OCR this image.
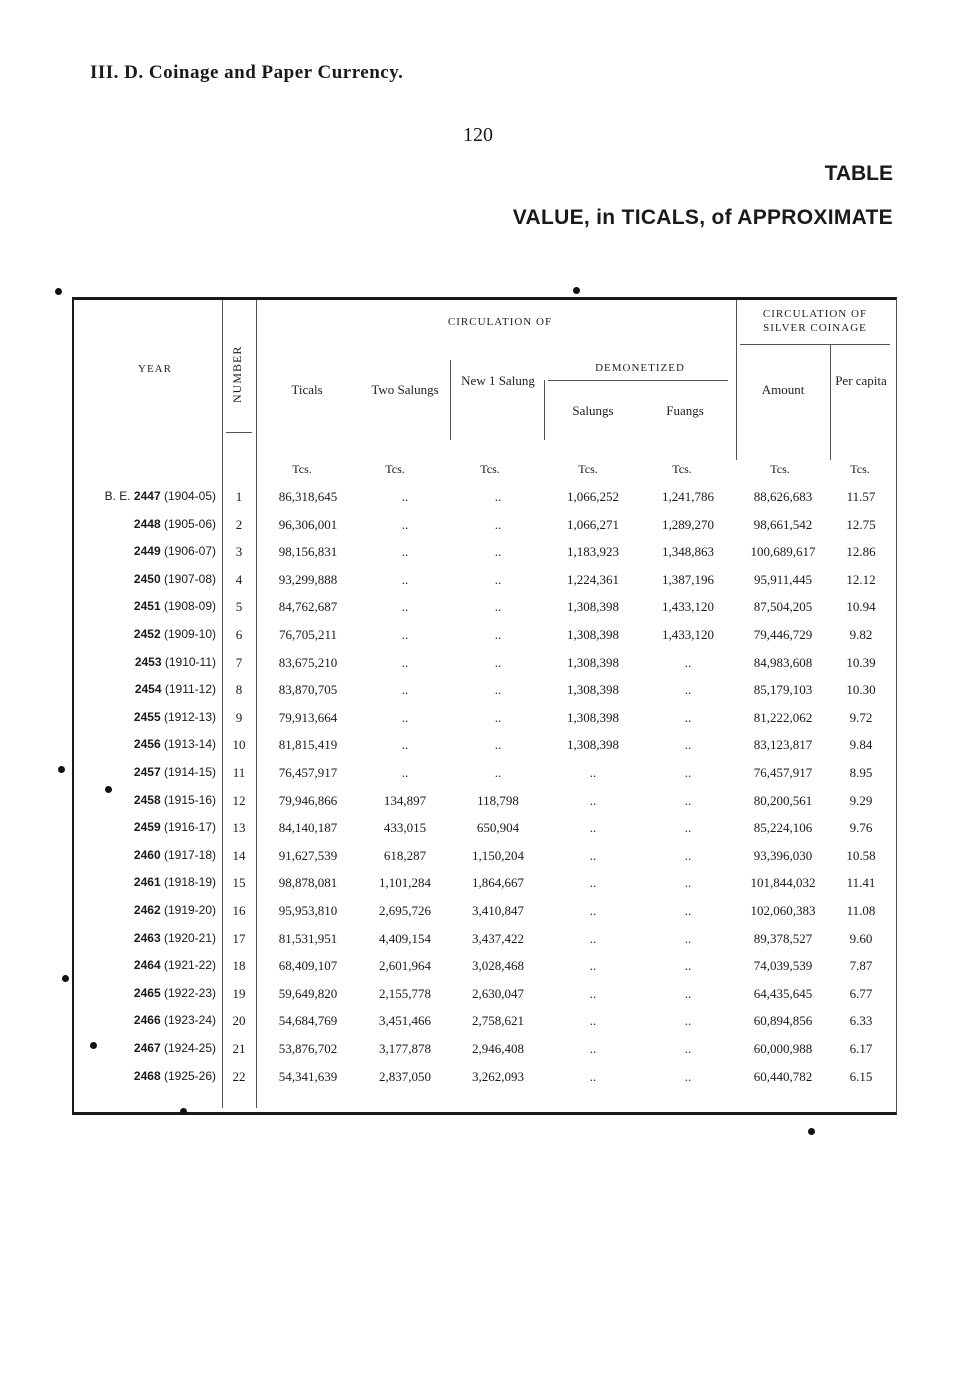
III. D. Coinage and Paper Currency.
120
TABLE
VALUE, in TICALS, of APPROXIMATE
CIRCULATION OF
CIRCULATION OF SILVER COINAGE
YEAR	NUMBER	Ticals	Two Salungs
New 1 Salung
DEMONETIZED
Salungs	Fuangs
Amount
Per capita
Tcs.	Tcs.	Tcs.	Tcs.	Tcs.	Tcs.	Tcs.
B. E. 2447 (1904-05)	1	86,318,645	..	..	1,066,252	1,241,786	88,626,683	11.57
2448 (1905-06)	2	96,306,001	..	..	1,066,271	1,289,270	98,661,542	12.75
2449 (1906-07)	3	98,156,831	..	..	1,183,923	1,348,863	100,689,617	12.86
2450 (1907-08)	4	93,299,888	..	..	1,224,361	1,387,196	95,911,445	12.12
2451 (1908-09)	5	84,762,687	..	..	1,308,398	1,433,120	87,504,205	10.94
2452 (1909-10)	6	76,705,211	..	..	1,308,398	1,433,120	79,446,729	9.82
2453 (1910-11)	7	83,675,210	..	..	1,308,398	..	84,983,608	10.39
2454 (1911-12)	8	83,870,705	..	..	1,308,398	..	85,179,103	10.30
2455 (1912-13)	9	79,913,664	..	..	1,308,398	..	81,222,062	9.72
2456 (1913-14)	10	81,815,419	..	..	1,308,398	..	83,123,817	9.84
2457 (1914-15)	11	76,457,917	..	..	..	..	76,457,917	8.95
2458 (1915-16)	12	79,946,866	134,897	118,798	..	..	80,200,561	9.29
2459 (1916-17)	13	84,140,187	433,015	650,904	..	..	85,224,106	9.76
2460 (1917-18)	14	91,627,539	618,287	1,150,204	..	..	93,396,030	10.58
2461 (1918-19)	15	98,878,081	1,101,284	1,864,667	..	..	101,844,032	11.41
2462 (1919-20)	16	95,953,810	2,695,726	3,410,847	..	..	102,060,383	11.08
2463 (1920-21)	17	81,531,951	4,409,154	3,437,422	..	..	89,378,527	9.60
2464 (1921-22)	18	68,409,107	2,601,964	3,028,468	..	..	74,039,539	7.87
2465 (1922-23)	19	59,649,820	2,155,778	2,630,047	..	..	64,435,645	6.77
2466 (1923-24)	20	54,684,769	3,451,466	2,758,621	..	..	60,894,856	6.33
2467 (1924-25)	21	53,876,702	3,177,878	2,946,408	..	..	60,000,988	6.17
2468 (1925-26)	22	54,341,639	2,837,050	3,262,093	..	..	60,440,782	6.15
